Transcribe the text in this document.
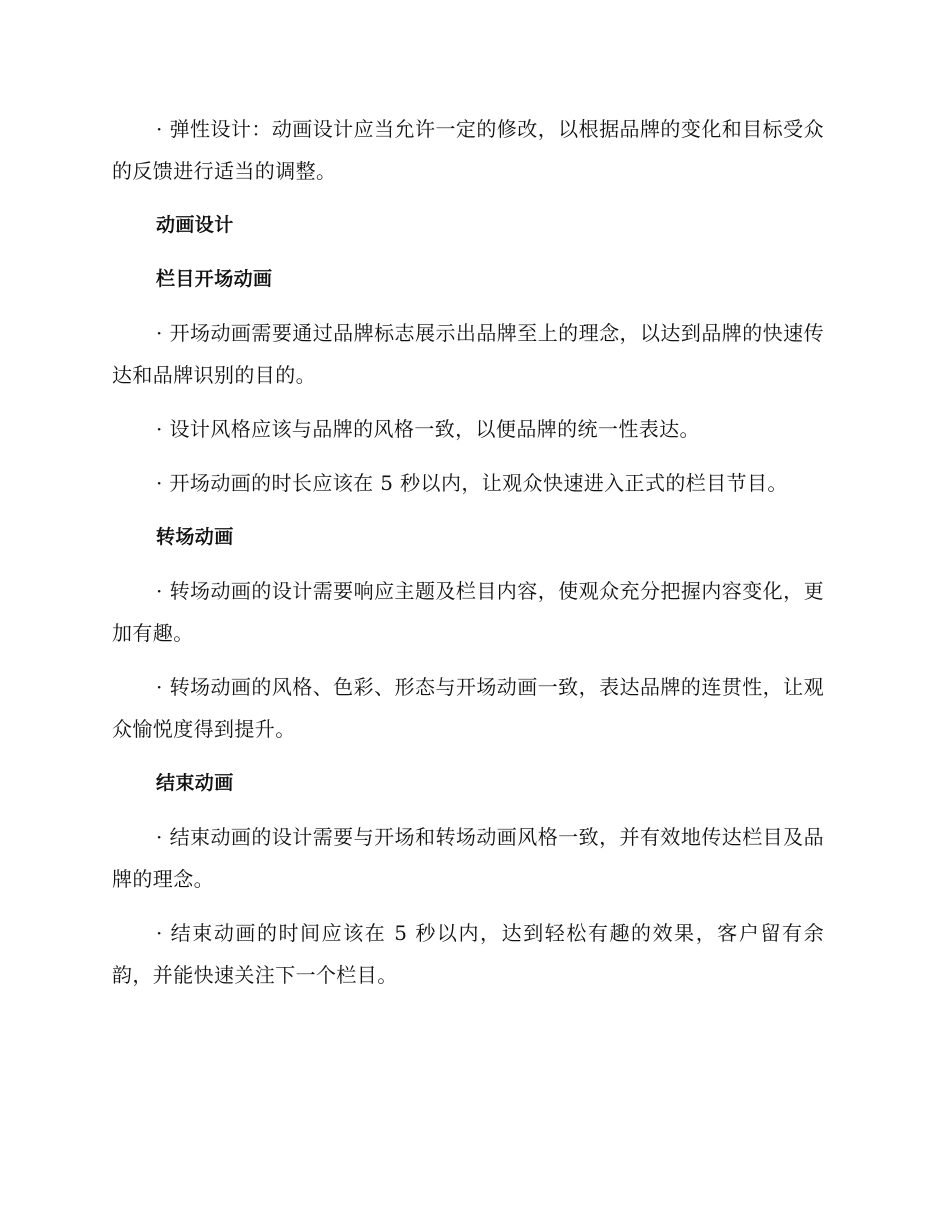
· 弹性设计：动画设计应当允许一定的修改，以根据品牌的变化和目标受众的反馈进行适当的调整。

动画设计

栏目开场动画

· 开场动画需要通过品牌标志展示出品牌至上的理念，以达到品牌的快速传达和品牌识别的目的。

· 设计风格应该与品牌的风格一致，以便品牌的统一性表达。

· 开场动画的时长应该在 5 秒以内，让观众快速进入正式的栏目节目。

转场动画

· 转场动画的设计需要响应主题及栏目内容，使观众充分把握内容变化，更加有趣。

· 转场动画的风格、色彩、形态与开场动画一致，表达品牌的连贯性，让观众愉悦度得到提升。

结束动画

· 结束动画的设计需要与开场和转场动画风格一致，并有效地传达栏目及品牌的理念。

· 结束动画的时间应该在 5 秒以内，达到轻松有趣的效果，客户留有余韵，并能快速关注下一个栏目。
